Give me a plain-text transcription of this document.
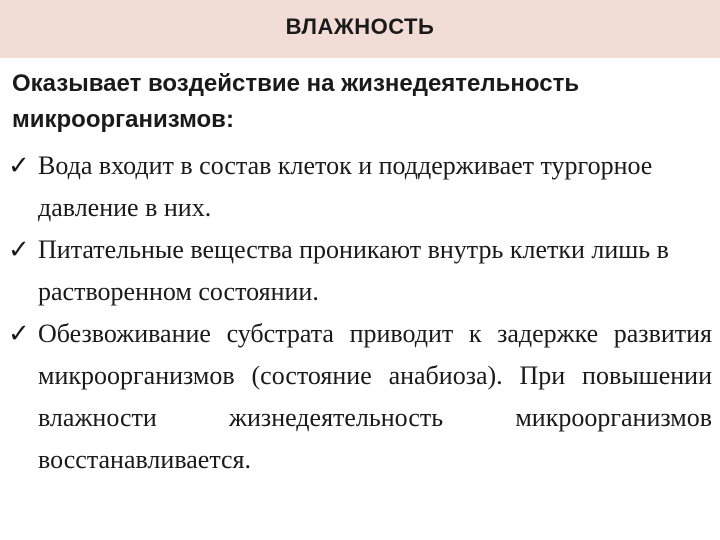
ВЛАЖНОСТЬ
Оказывает воздействие на жизнедеятельность микроорганизмов:
✓ Вода входит в состав клеток и поддерживает тургорное давление в них.
✓ Питательные вещества проникают внутрь клетки лишь в растворенном состоянии.
✓ Обезвоживание субстрата приводит к задержке развития микроорганизмов (состояние анабиоза). При повышении влажности жизнедеятельность микроорганизмов восстанавливается.
